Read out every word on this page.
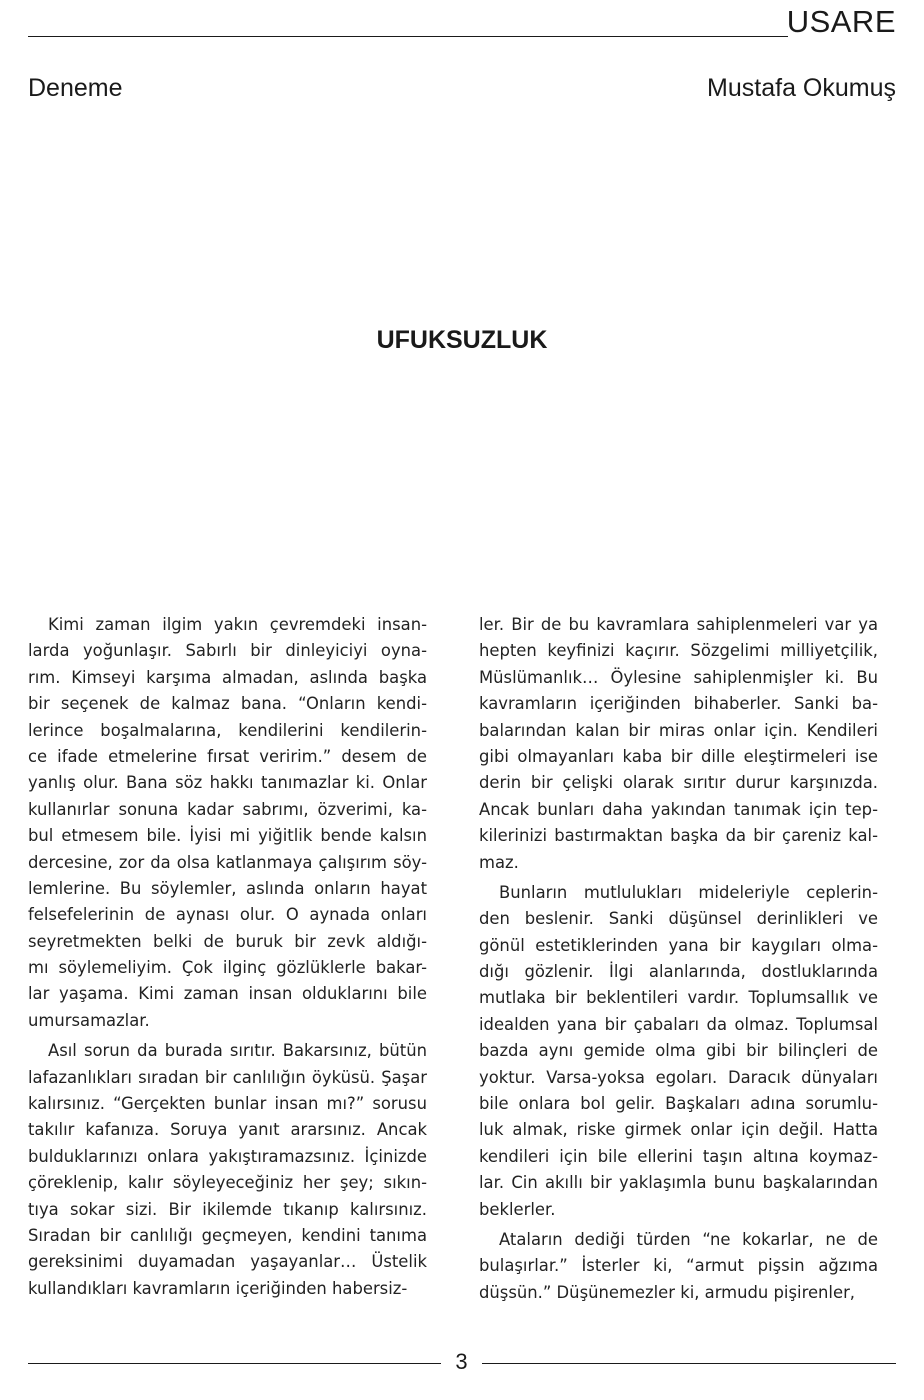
USARE
Deneme	Mustafa Okumuş
UFUKSUZLUK
Kimi zaman ilgim yakın çevremdeki insan-
larda yoğunlaşır. Sabırlı bir dinleyiciyi oyna-
rım. Kimseyi karşıma almadan, aslında başka
bir seçenek de kalmaz bana. “Onların kendi-
lerince boşalmalarına, kendilerini kendilerin-
ce ifade etmelerine fırsat veririm.” desem de
yanlış olur. Bana söz hakkı tanımazlar ki. Onlar
kullanırlar sonuna kadar sabrımı, özverimi, ka-
bul etmesem bile. İyisi mi yiğitlik bende kalsın
dercesine, zor da olsa katlanmaya çalışırım söy-
lemlerine. Bu söylemler, aslında onların hayat
felsefelerinin de aynası olur. O aynada onları
seyretmekten belki de buruk bir zevk aldığı-
mı söylemeliyim. Çok ilginç gözlüklerle bakar-
lar yaşama. Kimi zaman insan olduklarını bile
umursamazlar.
Asıl sorun da burada sırıtır. Bakarsınız, bütün
lafazanlıkları sıradan bir canlılığın öyküsü. Şaşar
kalırsınız. “Gerçekten bunlar insan mı?” sorusu
takılır kafanıza. Soruya yanıt ararsınız. Ancak
bulduklarınızı onlara yakıştıramazsınız. İçinizde
çöreklenip, kalır söyleyeceğiniz her şey; sıkın-
tıya sokar sizi. Bir ikilemde tıkanıp kalırsınız.
Sıradan bir canlılığı geçmeyen, kendini tanıma
gereksinimi duyamadan yaşayanlar… Üstelik
kullandıkları kavramların içeriğinden habersiz-
ler. Bir de bu kavramlara sahiplenmeleri var ya
hepten keyfinizi kaçırır. Sözgelimi milliyetçilik,
Müslümanlık… Öylesine sahiplenmişler ki. Bu
kavramların içeriğinden bihaberler. Sanki ba-
balarından kalan bir miras onlar için. Kendileri
gibi olmayanları kaba bir dille eleştirmeleri ise
derin bir çelişki olarak sırıtır durur karşınızda.
Ancak bunları daha yakından tanımak için tep-
kilerinizi bastırmaktan başka da bir çareniz kal-
maz.
Bunların mutlulukları mideleriyle ceplerin-
den beslenir. Sanki düşünsel derinlikleri ve
gönül estetiklerinden yana bir kaygıları olma-
dığı gözlenir. İlgi alanlarında, dostluklarında
mutlaka bir beklentileri vardır. Toplumsallık ve
idealden yana bir çabaları da olmaz. Toplumsal
bazda aynı gemide olma gibi bir bilinçleri de
yoktur. Varsa-yoksa egoları. Daracık dünyaları
bile onlara bol gelir. Başkaları adına sorumlu-
luk almak, riske girmek onlar için değil. Hatta
kendileri için bile ellerini taşın altına koymaz-
lar. Cin akıllı bir yaklaşımla bunu başkalarından
beklerler.
Ataların dediği türden “ne kokarlar, ne de
bulaşırlar.” İsterler ki, “armut pişsin ağzıma
düşsün.” Düşünemezler ki, armudu pişirenler,
3
